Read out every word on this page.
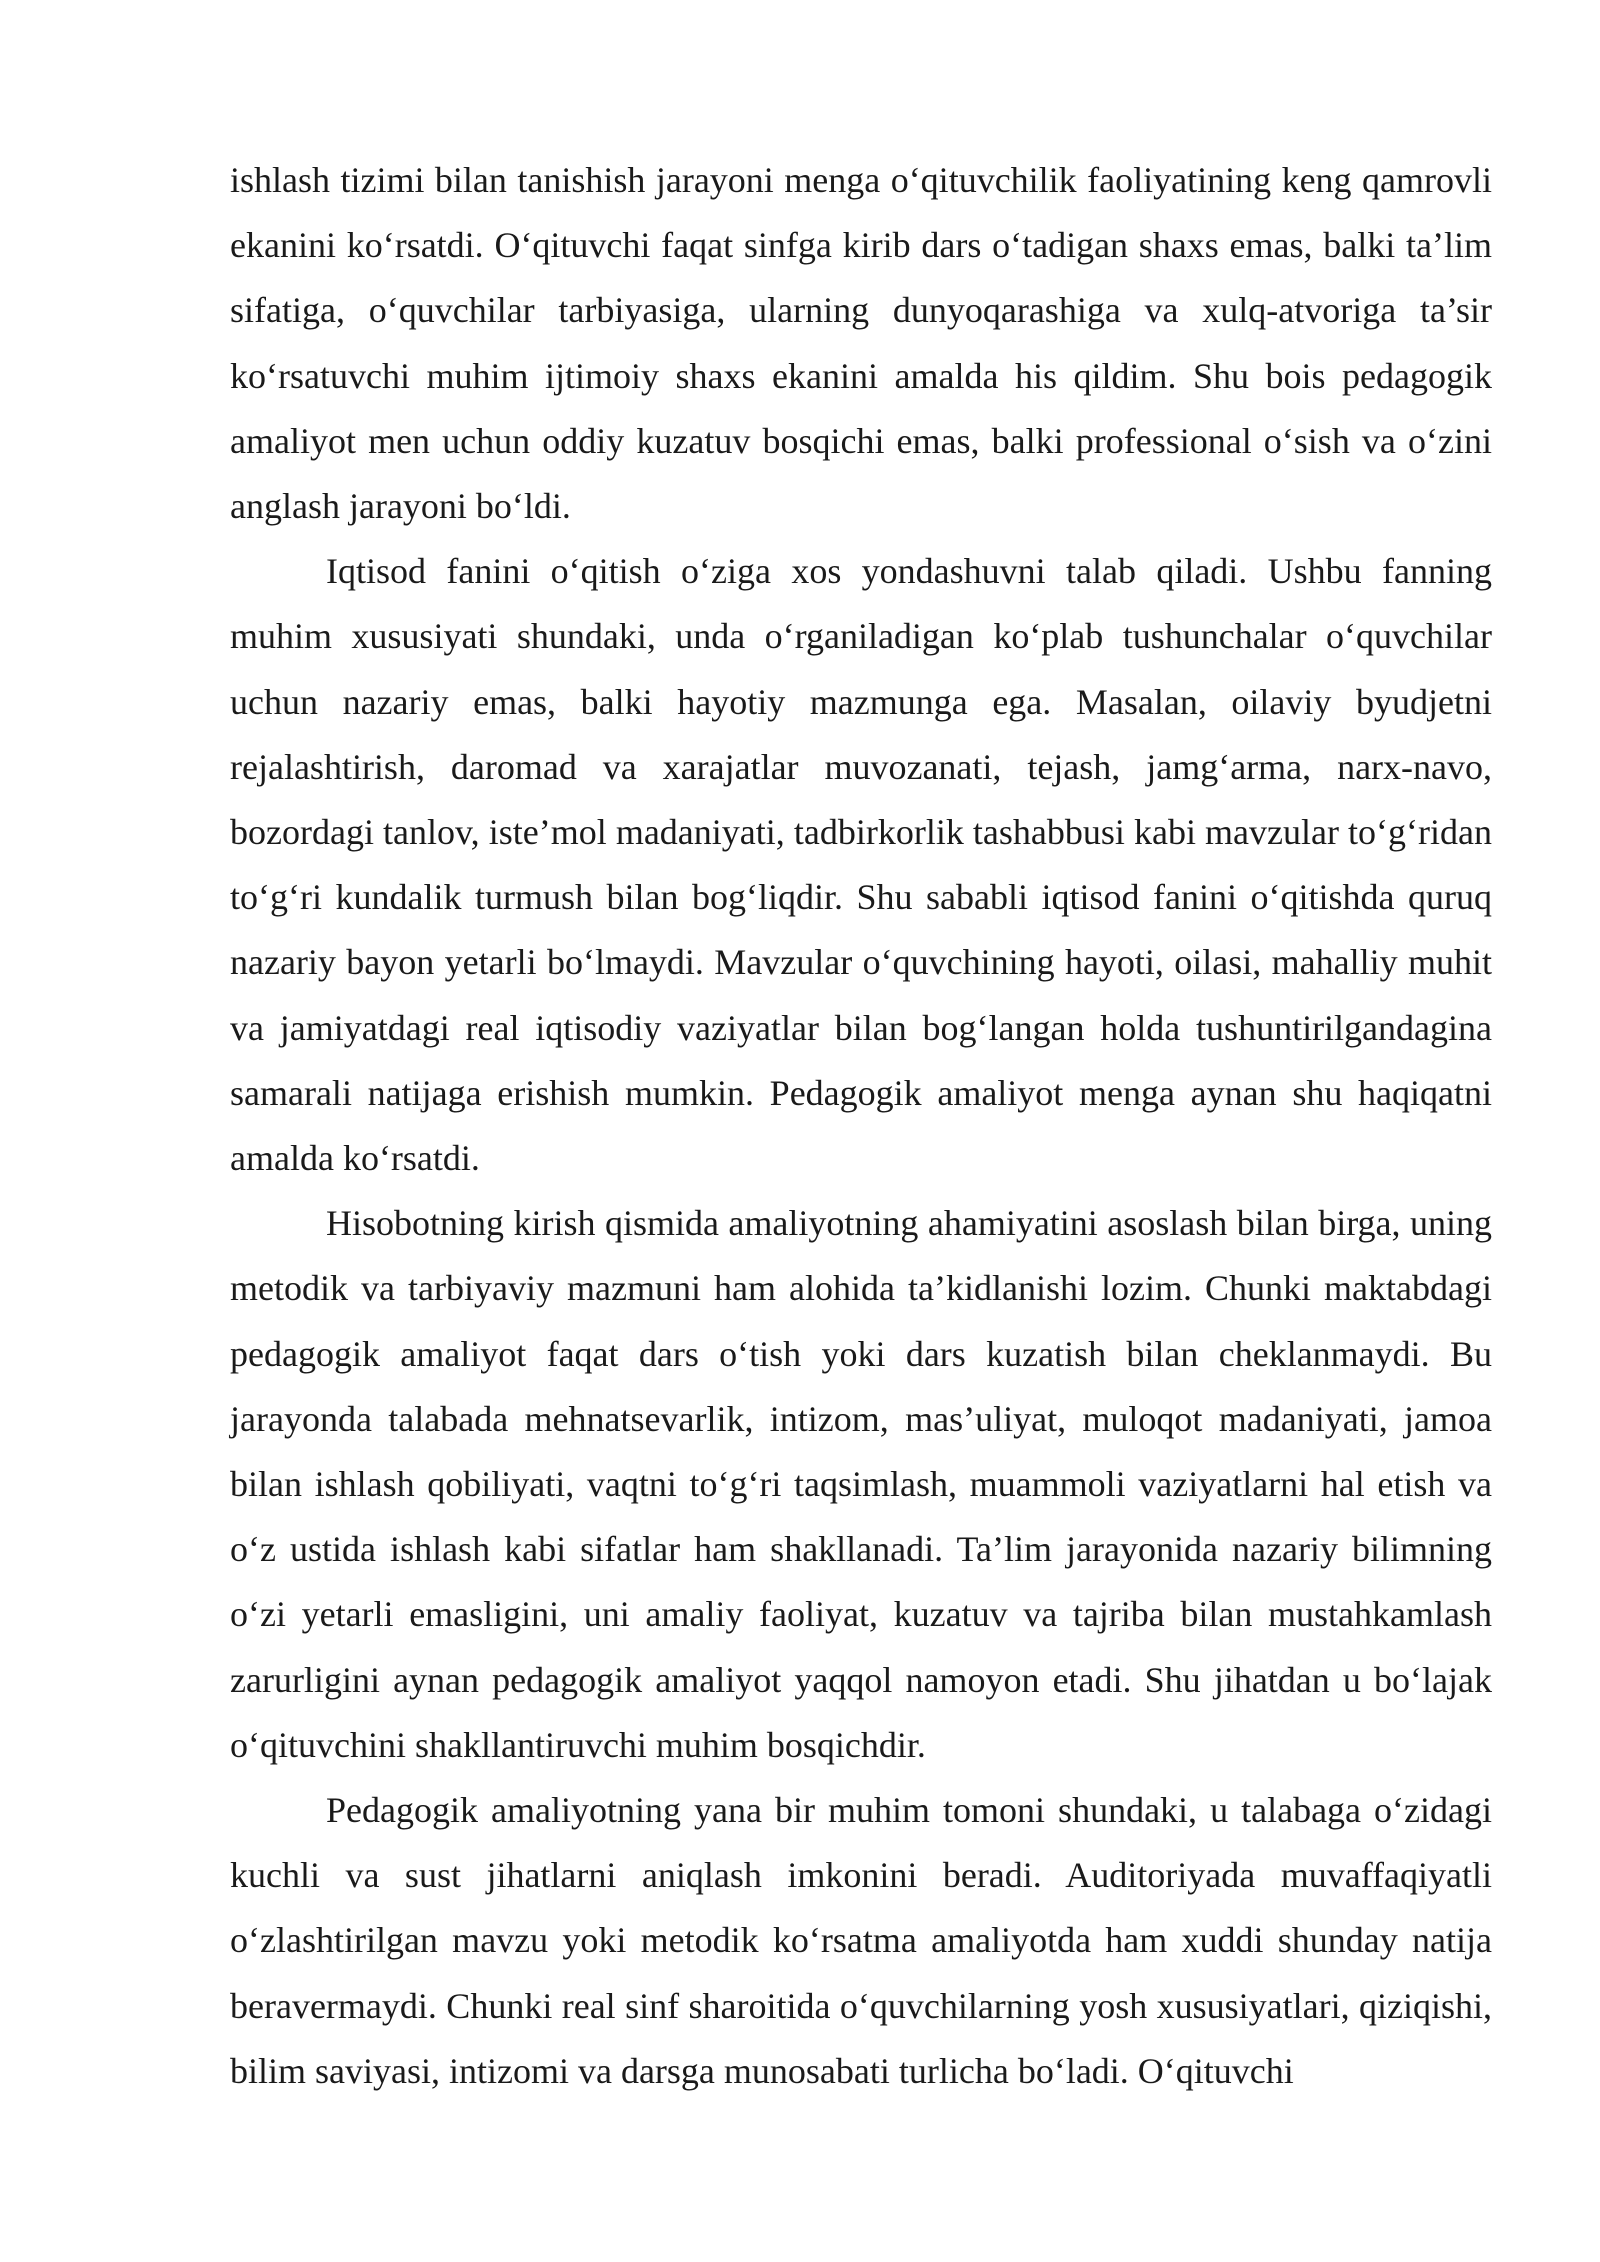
ishlash tizimi bilan tanishish jarayoni menga o‘qituvchilik faoliyatining keng qamrovli ekanini ko‘rsatdi. O‘qituvchi faqat sinfga kirib dars o‘tadigan shaxs emas, balki ta’lim sifatiga, o‘quvchilar tarbiyasiga, ularning dunyoqarashiga va xulq-atvoriga ta’sir ko‘rsatuvchi muhim ijtimoiy shaxs ekanini amalda his qildim. Shu bois pedagogik amaliyot men uchun oddiy kuzatuv bosqichi emas, balki professional o‘sish va o‘zini anglash jarayoni bo‘ldi.

Iqtisod fanini o‘qitish o‘ziga xos yondashuvni talab qiladi. Ushbu fanning muhim xususiyati shundaki, unda o‘rganiladigan ko‘plab tushunchalar o‘quvchilar uchun nazariy emas, balki hayotiy mazmunga ega. Masalan, oilaviy byudjetni rejalashtirish, daromad va xarajatlar muvozanati, tejash, jamg‘arma, narx-navo, bozordagi tanlov, iste’mol madaniyati, tadbirkorlik tashabbusi kabi mavzular to‘g‘ridan to‘g‘ri kundalik turmush bilan bog‘liqdir. Shu sababli iqtisod fanini o‘qitishda quruq nazariy bayon yetarli bo‘lmaydi. Mavzular o‘quvchining hayoti, oilasi, mahalliy muhit va jamiyatdagi real iqtisodiy vaziyatlar bilan bog‘langan holda tushuntirilgandagina samarali natijaga erishish mumkin. Pedagogik amaliyot menga aynan shu haqiqatni amalda ko‘rsatdi.

Hisobotning kirish qismida amaliyotning ahamiyatini asoslash bilan birga, uning metodik va tarbiyaviy mazmuni ham alohida ta’kidlanishi lozim. Chunki maktabdagi pedagogik amaliyot faqat dars o‘tish yoki dars kuzatish bilan cheklanmaydi. Bu jarayonda talabada mehnatsevarlik, intizom, mas’uliyat, muloqot madaniyati, jamoa bilan ishlash qobiliyati, vaqtni to‘g‘ri taqsimlash, muammoli vaziyatlarni hal etish va o‘z ustida ishlash kabi sifatlar ham shakllanadi. Ta’lim jarayonida nazariy bilimning o‘zi yetarli emasligini, uni amaliy faoliyat, kuzatuv va tajriba bilan mustahkamlash zarurligini aynan pedagogik amaliyot yaqqol namoyon etadi. Shu jihatdan u bo‘lajak o‘qituvchini shakllantiruvchi muhim bosqichdir.

Pedagogik amaliyotning yana bir muhim tomoni shundaki, u talabaga o‘zidagi kuchli va sust jihatlarni aniqlash imkonini beradi. Auditoriyada muvaffaqiyatli o‘zlashtirilgan mavzu yoki metodik ko‘rsatma amaliyotda ham xuddi shunday natija beravermaydi. Chunki real sinf sharoitida o‘quvchilarning yosh xususiyatlari, qiziqishi, bilim saviyasi, intizomi va darsga munosabati turlicha bo‘ladi. O‘qituvchi
